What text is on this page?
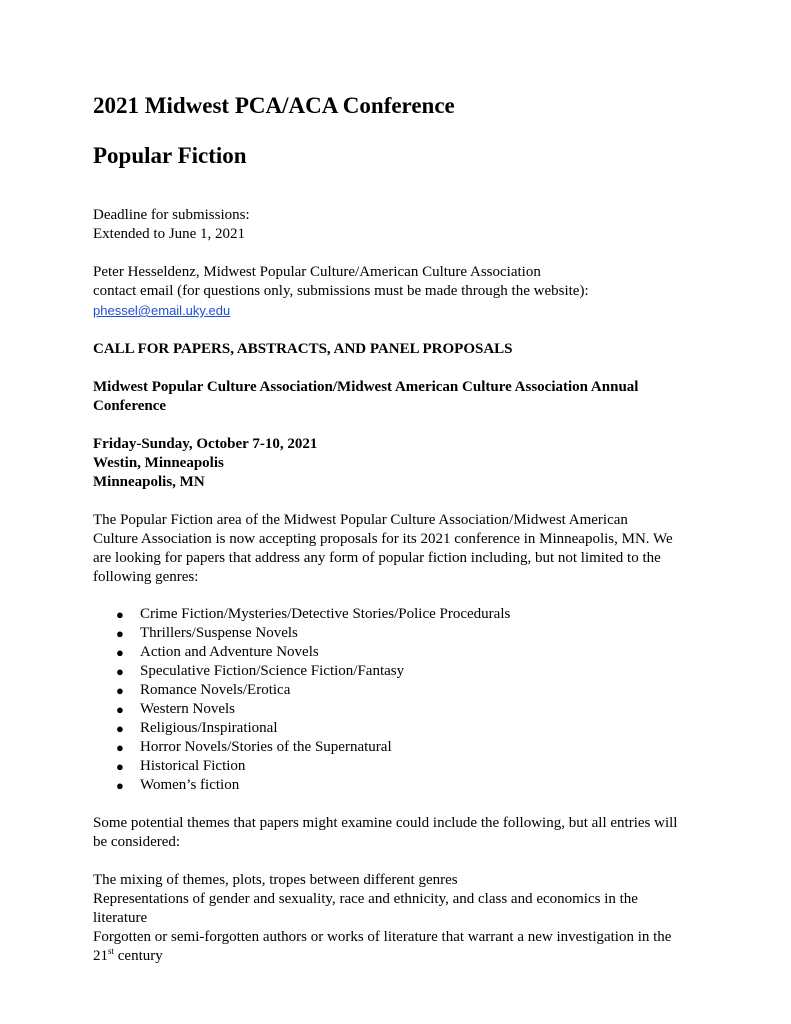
2021 Midwest PCA/ACA Conference
Popular Fiction

Deadline for submissions:

Extended to June 1, 2021

Peter Hesseldenz, Midwest Popular Culture/American Culture Association

contact email (for questions only, submissions must be made through the website):

phessel@email.uky.edu

CALL FOR PAPERS, ABSTRACTS, AND PANEL PROPOSALS

Midwest Popular Culture Association/Midwest American Culture Association Annual

Conference

Friday-Sunday, October 7-10, 2021

Westin, Minneapolis

Minneapolis, MN

The Popular Fiction area of the Midwest Popular Culture Association/Midwest American

Culture Association is now accepting proposals for its 2021 conference in Minneapolis, MN. We

are looking for papers that address any form of popular fiction including, but not limited to the

following genres:

● Crime Fiction/Mysteries/Detective Stories/Police Procedurals
● Thrillers/Suspense Novels
● Action and Adventure Novels
● Speculative Fiction/Science Fiction/Fantasy
● Romance Novels/Erotica
● Western Novels
● Religious/Inspirational
● Horror Novels/Stories of the Supernatural
● Historical Fiction
● Women’s fiction

Some potential themes that papers might examine could include the following, but all entries will

be considered:

The mixing of themes, plots, tropes between different genres

Representations of gender and sexuality, race and ethnicity, and class and economics in the

literature

Forgotten or semi-forgotten authors or works of literature that warrant a new investigation in the

21st century
